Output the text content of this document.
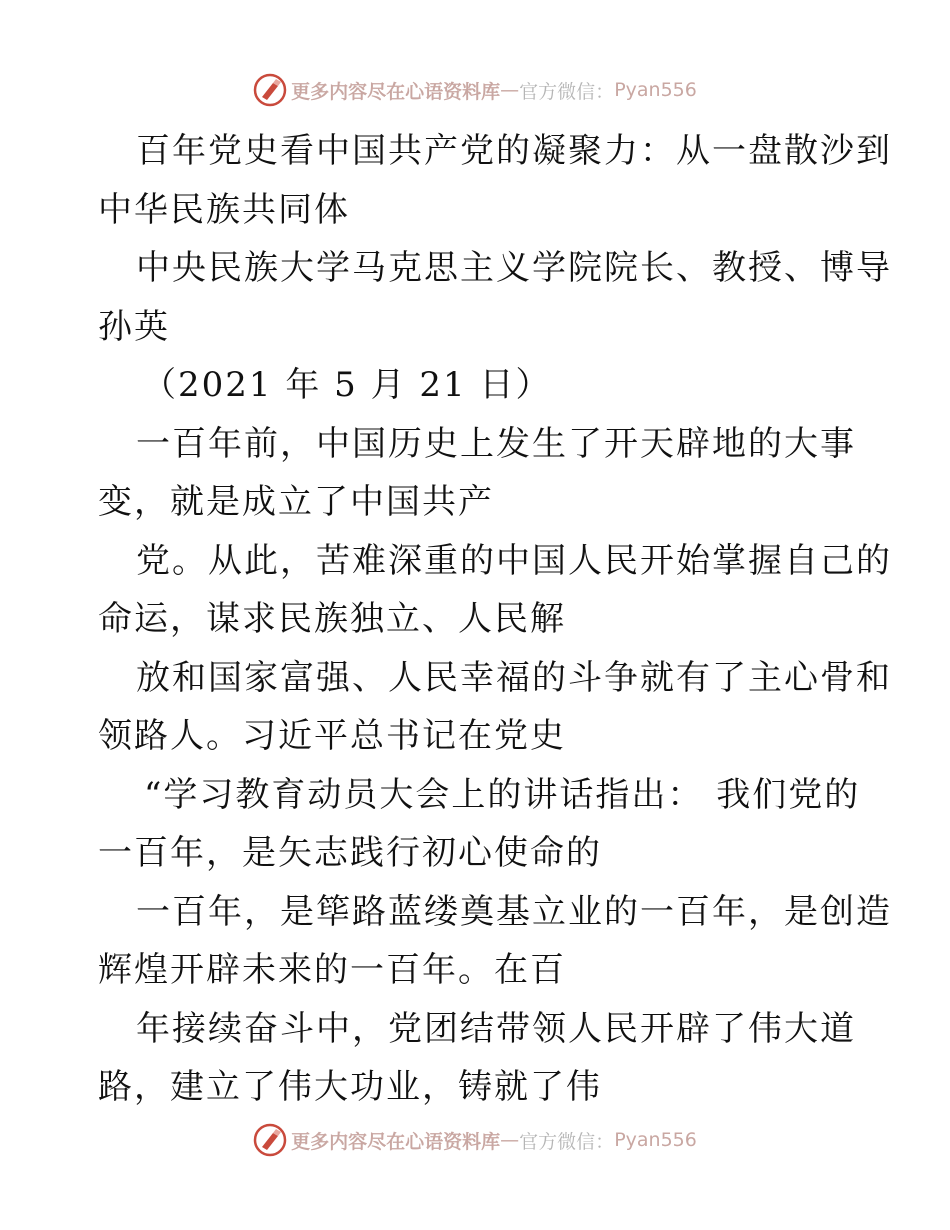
更多内容尽在心语资料库 — 官方微信： Pyan556
百年党史看中国共产党的凝聚力：从一盘散沙到
中华民族共同体
中央民族大学马克思主义学院院长、教授、博导
孙英
（2021 年 5 月 21 日）
一百年前，中国历史上发生了开天辟地的大事
变，就是成立了中国共产
党。从此，苦难深重的中国人民开始掌握自己的
命运，谋求民族独立、人民解
放和国家富强、人民幸福的斗争就有了主心骨和
领路人。习近平总书记在党史
“学习教育动员大会上的讲话指出： 我们党的
一百年，是矢志践行初心使命的
一百年，是筚路蓝缕奠基立业的一百年，是创造
辉煌开辟未来的一百年。在百
年接续奋斗中，党团结带领人民开辟了伟大道
路，建立了伟大功业，铸就了伟
更多内容尽在心语资料库 — 官方微信： Pyan556
